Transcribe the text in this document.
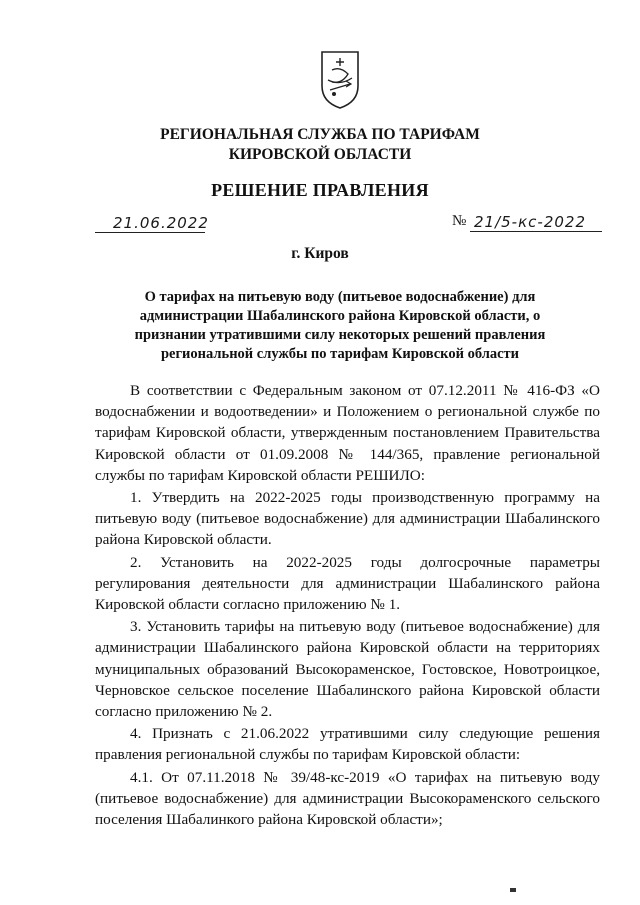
РЕГИОНАЛЬНАЯ СЛУЖБА ПО ТАРИФАМ
КИРОВСКОЙ ОБЛАСТИ
РЕШЕНИЕ ПРАВЛЕНИЯ
21.06.2022	№ 21/5-кс-2022
г. Киров
О тарифах на питьевую воду (питьевое водоснабжение) для администрации Шабалинского района Кировской области, о признании утратившими силу некоторых решений правления региональной службы по тарифам Кировской области

В соответствии с Федеральным законом от 07.12.2011 № 416-ФЗ «О водоснабжении и водоотведении» и Положением о региональной службе по тарифам Кировской области, утвержденным постановлением Правительства Кировской области от 01.09.2008 № 144/365, правление региональной службы по тарифам Кировской области РЕШИЛО:

1. Утвердить на 2022-2025 годы производственную программу на питьевую воду (питьевое водоснабжение) для администрации Шабалинского района Кировской области.

2. Установить на 2022-2025 годы долгосрочные параметры регулирования деятельности для администрации Шабалинского района Кировской области согласно приложению № 1.

3. Установить тарифы на питьевую воду (питьевое водоснабжение) для администрации Шабалинского района Кировской области на территориях муниципальных образований Высокораменское, Гостовское, Новотроицкое, Черновское сельское поселение Шабалинского района Кировской области согласно приложению № 2.

4. Признать с 21.06.2022 утратившими силу следующие решения правления региональной службы по тарифам Кировской области:

4.1. От 07.11.2018 № 39/48-кс-2019 «О тарифах на питьевую воду (питьевое водоснабжение) для администрации Высокораменского сельского поселения Шабалинкого района Кировской области»;
